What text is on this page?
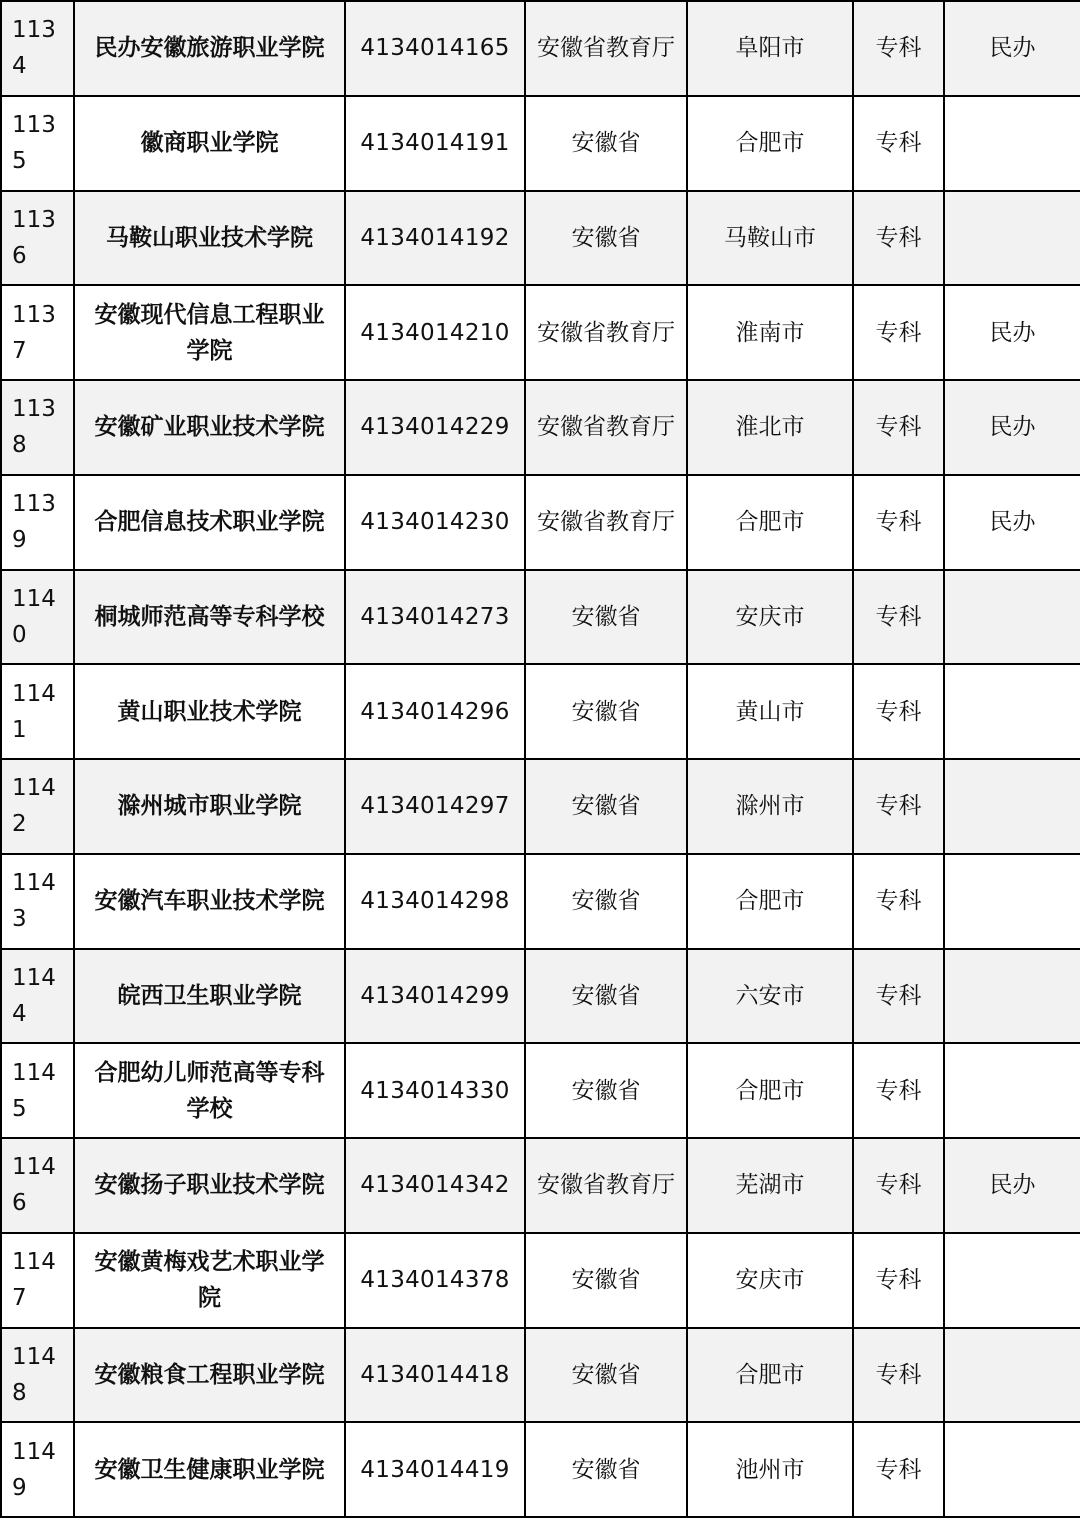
1134	民办安徽旅游职业学院	4134014165	安徽省教育厅	阜阳市	专科	民办
1135	徽商职业学院	4134014191	安徽省	合肥市	专科	
1136	马鞍山职业技术学院	4134014192	安徽省	马鞍山市	专科	
1137	安徽现代信息工程职业学院	4134014210	安徽省教育厅	淮南市	专科	民办
1138	安徽矿业职业技术学院	4134014229	安徽省教育厅	淮北市	专科	民办
1139	合肥信息技术职业学院	4134014230	安徽省教育厅	合肥市	专科	民办
1140	桐城师范高等专科学校	4134014273	安徽省	安庆市	专科	
1141	黄山职业技术学院	4134014296	安徽省	黄山市	专科	
1142	滁州城市职业学院	4134014297	安徽省	滁州市	专科	
1143	安徽汽车职业技术学院	4134014298	安徽省	合肥市	专科	
1144	皖西卫生职业学院	4134014299	安徽省	六安市	专科	
1145	合肥幼儿师范高等专科学校	4134014330	安徽省	合肥市	专科	
1146	安徽扬子职业技术学院	4134014342	安徽省教育厅	芜湖市	专科	民办
1147	安徽黄梅戏艺术职业学院	4134014378	安徽省	安庆市	专科	
1148	安徽粮食工程职业学院	4134014418	安徽省	合肥市	专科	
1149	安徽卫生健康职业学院	4134014419	安徽省	池州市	专科	
